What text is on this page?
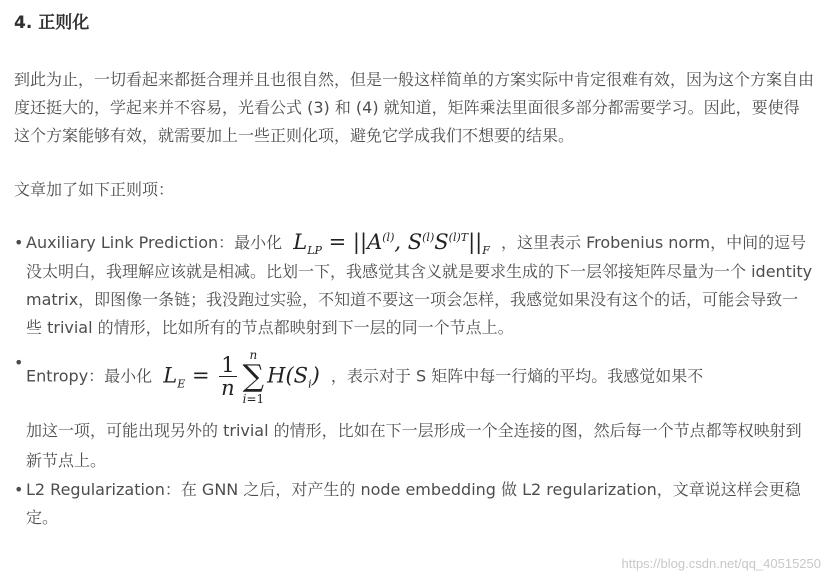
4. 正则化

到此为止，一切看起来都挺合理并且也很自然，但是一般这样简单的方案实际中肯定很难有效，因为这个方案自由度还挺大的，学起来并不容易，光看公式 (3) 和 (4) 就知道，矩阵乘法里面很多部分都需要学习。因此，要使得这个方案能够有效，就需要加上一些正则化项，避免它学成我们不想要的结果。

文章加了如下正则项：

• Auxiliary Link Prediction：最小化 $L_{LP} = ||A^{(l)}$, $S^{(l)}S^{(l)T}||_F$ ，这里表示 Frobenius norm，中间的逗号没太明白，我理解应该就是相减。比划一下，我感觉其含义就是要求生成的下一层邻接矩阵尽量为一个 identity matrix，即图像一条链；我没跑过实验，不知道不要这一项会怎样，我感觉如果没有这个的话，可能会导致一些 trivial 的情形，比如所有的节点都映射到下一层的同一个节点上。
•
Entropy：最小化 $L_E = \frac{1}{n}$	n
∑
i=1
$H(S_i)$ ，表示对于 S 矩阵中每一行熵的平均。我感觉如果不
加这一项，可能出现另外的 trivial 的情形，比如在下一层形成一个全连接的图，然后每一个节点都等权映射到新节点上。
• L2 Regularization：在 GNN 之后，对产生的 node embedding 做 L2 regularization，文章说这样会更稳定。
https://blog.csdn.net/qq_40515250
